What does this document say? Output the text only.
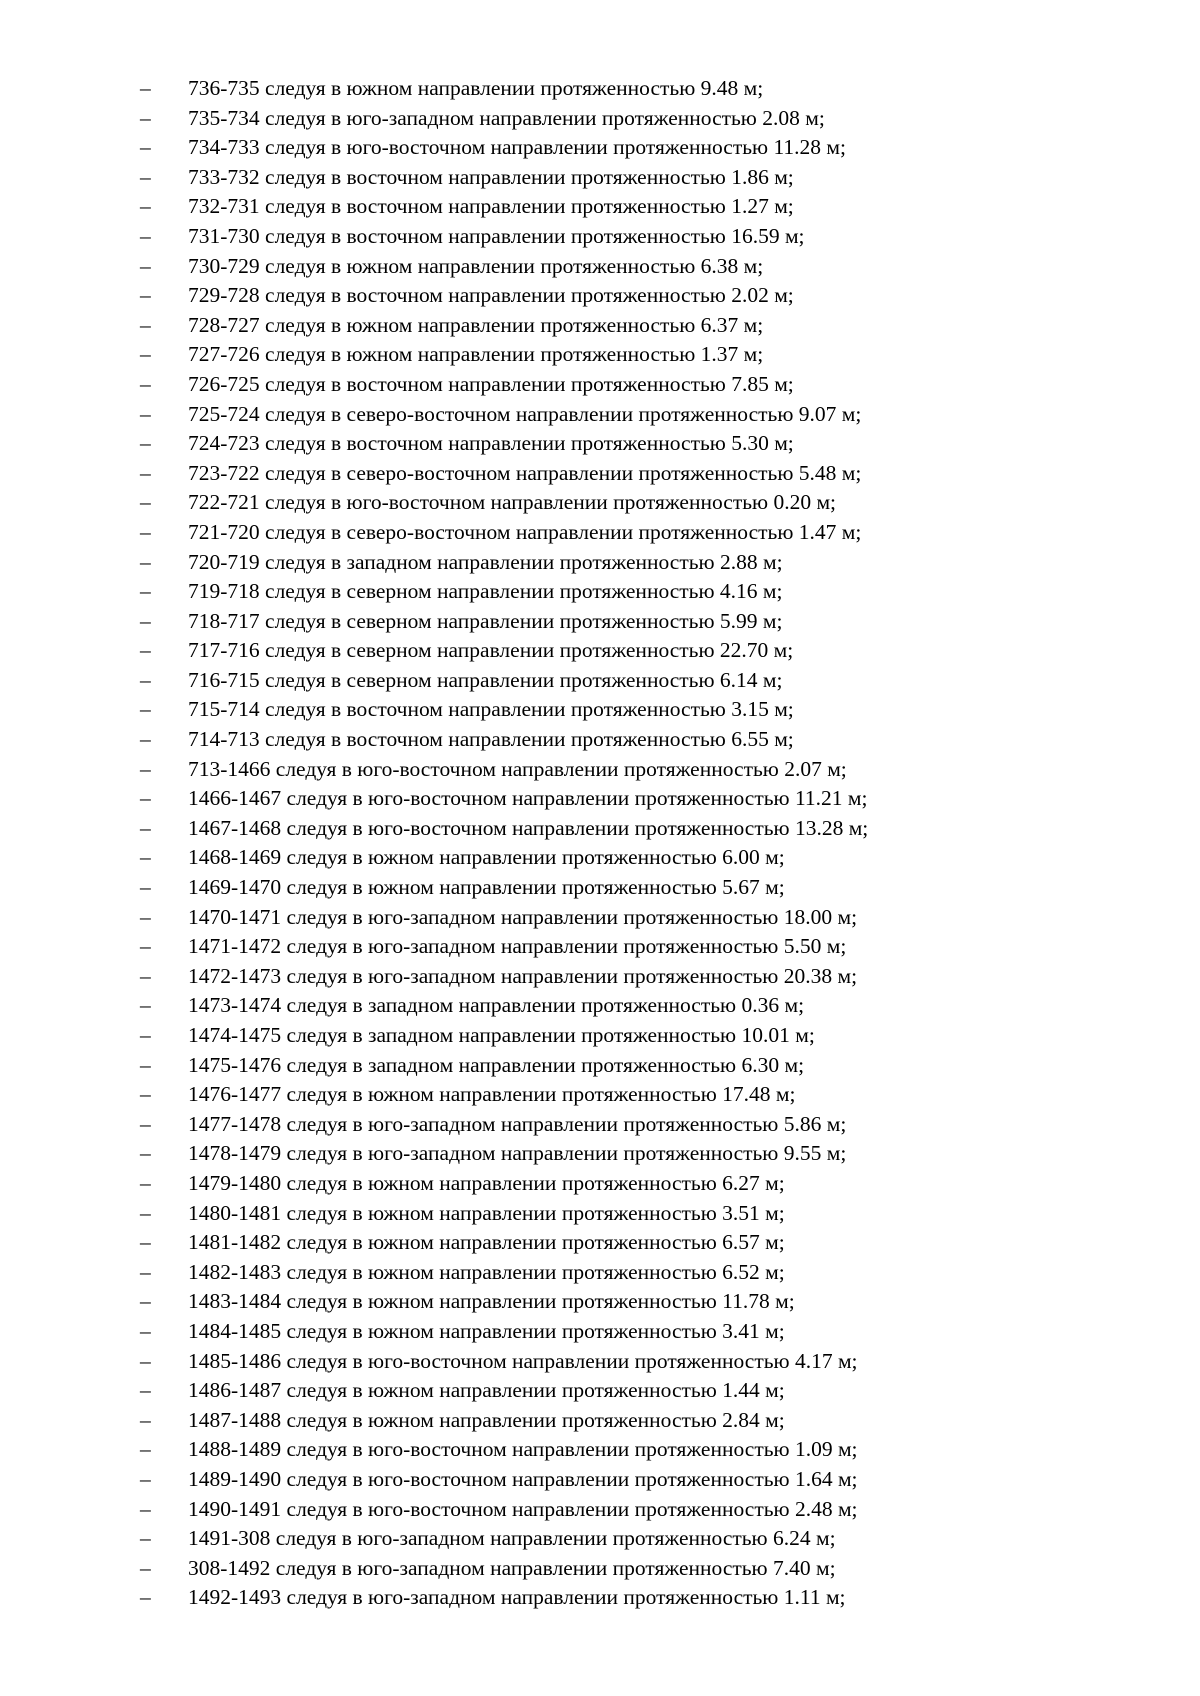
– 736-735 следуя в южном направлении протяженностью 9.48 м;
– 735-734 следуя в юго-западном направлении протяженностью 2.08 м;
– 734-733 следуя в юго-восточном направлении протяженностью 11.28 м;
– 733-732 следуя в восточном направлении протяженностью 1.86 м;
– 732-731 следуя в восточном направлении протяженностью 1.27 м;
– 731-730 следуя в восточном направлении протяженностью 16.59 м;
– 730-729 следуя в южном направлении протяженностью 6.38 м;
– 729-728 следуя в восточном направлении протяженностью 2.02 м;
– 728-727 следуя в южном направлении протяженностью 6.37 м;
– 727-726 следуя в южном направлении протяженностью 1.37 м;
– 726-725 следуя в восточном направлении протяженностью 7.85 м;
– 725-724 следуя в северо-восточном направлении протяженностью 9.07 м;
– 724-723 следуя в восточном направлении протяженностью 5.30 м;
– 723-722 следуя в северо-восточном направлении протяженностью 5.48 м;
– 722-721 следуя в юго-восточном направлении протяженностью 0.20 м;
– 721-720 следуя в северо-восточном направлении протяженностью 1.47 м;
– 720-719 следуя в западном направлении протяженностью 2.88 м;
– 719-718 следуя в северном направлении протяженностью 4.16 м;
– 718-717 следуя в северном направлении протяженностью 5.99 м;
– 717-716 следуя в северном направлении протяженностью 22.70 м;
– 716-715 следуя в северном направлении протяженностью 6.14 м;
– 715-714 следуя в восточном направлении протяженностью 3.15 м;
– 714-713 следуя в восточном направлении протяженностью 6.55 м;
– 713-1466 следуя в юго-восточном направлении протяженностью 2.07 м;
– 1466-1467 следуя в юго-восточном направлении протяженностью 11.21 м;
– 1467-1468 следуя в юго-восточном направлении протяженностью 13.28 м;
– 1468-1469 следуя в южном направлении протяженностью 6.00 м;
– 1469-1470 следуя в южном направлении протяженностью 5.67 м;
– 1470-1471 следуя в юго-западном направлении протяженностью 18.00 м;
– 1471-1472 следуя в юго-западном направлении протяженностью 5.50 м;
– 1472-1473 следуя в юго-западном направлении протяженностью 20.38 м;
– 1473-1474 следуя в западном направлении протяженностью 0.36 м;
– 1474-1475 следуя в западном направлении протяженностью 10.01 м;
– 1475-1476 следуя в западном направлении протяженностью 6.30 м;
– 1476-1477 следуя в южном направлении протяженностью 17.48 м;
– 1477-1478 следуя в юго-западном направлении протяженностью 5.86 м;
– 1478-1479 следуя в юго-западном направлении протяженностью 9.55 м;
– 1479-1480 следуя в южном направлении протяженностью 6.27 м;
– 1480-1481 следуя в южном направлении протяженностью 3.51 м;
– 1481-1482 следуя в южном направлении протяженностью 6.57 м;
– 1482-1483 следуя в южном направлении протяженностью 6.52 м;
– 1483-1484 следуя в южном направлении протяженностью 11.78 м;
– 1484-1485 следуя в южном направлении протяженностью 3.41 м;
– 1485-1486 следуя в юго-восточном направлении протяженностью 4.17 м;
– 1486-1487 следуя в южном направлении протяженностью 1.44 м;
– 1487-1488 следуя в южном направлении протяженностью 2.84 м;
– 1488-1489 следуя в юго-восточном направлении протяженностью 1.09 м;
– 1489-1490 следуя в юго-восточном направлении протяженностью 1.64 м;
– 1490-1491 следуя в юго-восточном направлении протяженностью 2.48 м;
– 1491-308 следуя в юго-западном направлении протяженностью 6.24 м;
– 308-1492 следуя в юго-западном направлении протяженностью 7.40 м;
– 1492-1493 следуя в юго-западном направлении протяженностью 1.11 м;
